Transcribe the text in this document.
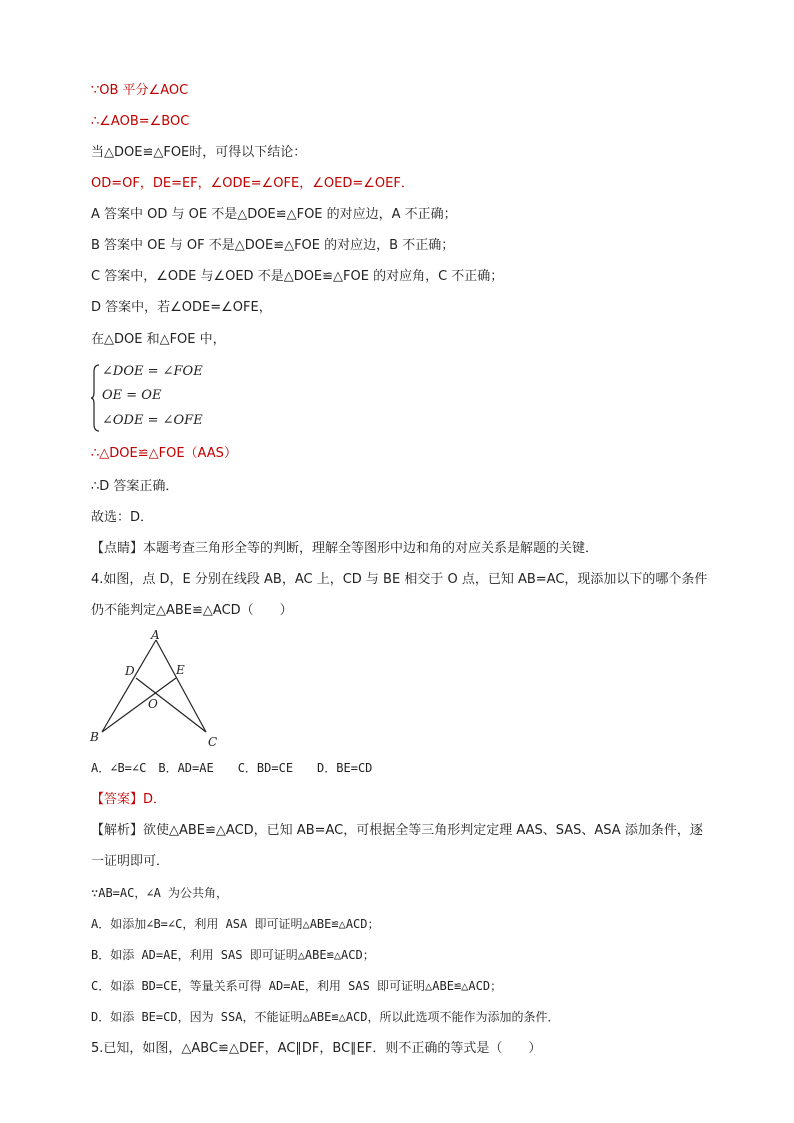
∵OB 平分∠AOC
∴∠AOB=∠BOC
当△DOE≌△FOE时，可得以下结论：
OD=OF，DE=EF，∠ODE=∠OFE，∠OED=∠OEF．
A 答案中 OD 与 OE 不是△DOE≌△FOE 的对应边，A 不正确；
B 答案中 OE 与 OF 不是△DOE≌△FOE 的对应边，B 不正确；
C 答案中，∠ODE 与∠OED 不是△DOE≌△FOE 的对应角，C 不正确；
D 答案中，若∠ODE=∠OFE，
在△DOE 和△FOE 中，
∠DOE = ∠FOE
OE = OE
∠ODE = ∠OFE
∴△DOE≌△FOE（AAS）
∴D 答案正确．
故选：D．
【点睛】本题考查三角形全等的判断，理解全等图形中边和角的对应关系是解题的关键．
4.如图，点 D，E 分别在线段 AB，AC 上，CD 与 BE 相交于 O 点，已知 AB=AC，现添加以下的哪个条件
仍不能判定△ABE≌△ACD（　　）
A
D	E
O
B	C
A．∠B=∠C　B．AD=AE　　C．BD=CE　　D．BE=CD
【答案】D．
【解析】欲使△ABE≌△ACD，已知 AB=AC，可根据全等三角形判定定理 AAS、SAS、ASA 添加条件，逐
一证明即可．
∵AB=AC，∠A 为公共角，
A．如添加∠B=∠C，利用 ASA 即可证明△ABE≌△ACD；
B．如添 AD=AE，利用 SAS 即可证明△ABE≌△ACD；
C．如添 BD=CE，等量关系可得 AD=AE，利用 SAS 即可证明△ABE≌△ACD；
D．如添 BE=CD，因为 SSA，不能证明△ABE≌△ACD，所以此选项不能作为添加的条件．
5.已知，如图，△ABC≌△DEF，AC∥DF，BC∥EF．则不正确的等式是（　　）
